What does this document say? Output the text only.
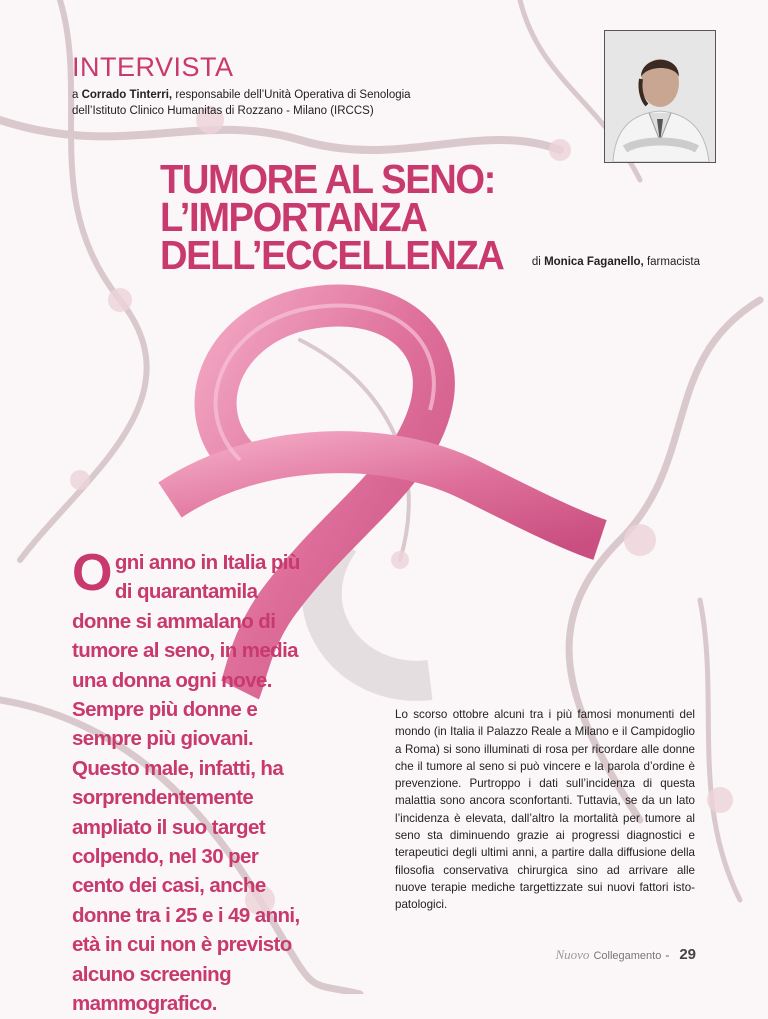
INTERVISTA
a Corrado Tinterri, responsabile dell’Unità Operativa di Senologia dell’Istituto Clinico Humanitas di Rozzano - Milano (IRCCS)
TUMORE AL SENO:
L’IMPORTANZA DELL’ECCELLENZA	di Monica Faganello, farmacista
Ogni anno in Italia più di quarantamila donne si ammalano di tumore al seno, in media una donna ogni nove. Sempre più donne e sempre più giovani. Questo male, infatti, ha sorprendentemente ampliato il suo target colpendo, nel 30 per cento dei casi, anche donne tra i 25 e i 49 anni, età in cui non è previsto alcuno screening mammografico.
Lo scorso ottobre alcuni tra i più famosi monumenti del mondo (in Italia il Palazzo Reale a Milano e il Campidoglio a Roma) si sono illuminati di rosa per ricordare alle donne che il tumore al seno si può vincere e la parola d’ordine è prevenzione. Purtroppo i dati sull’incidenza di questa malattia sono ancora sconfortanti. Tuttavia, se da un lato l’incidenza è elevata, dall’altro la mortalità per tumore al seno sta diminuendo grazie ai progressi diagnostici e terapeutici degli ultimi anni, a partire dalla diffusione della filosofia conservativa chirurgica sino ad arrivare alle nuove terapie mediche targettizzate sui nuovi fattori isto-patologici.
Nuovo Collegamento - 29
